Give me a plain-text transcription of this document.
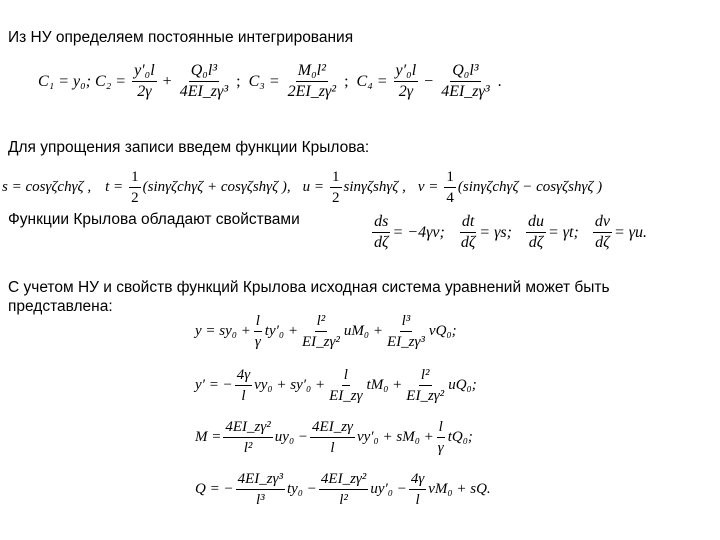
Из НУ определяем постоянные интегрирования
Для упрощения записи введем функции Крылова:
Функции Крылова обладают свойствами
С учетом НУ и свойств функций Крылова исходная система уравнений может быть
представлена:
C₁ = y₀; $C_2 = \frac{\text{y′₀l}}{2\gamma} + \frac{\text{Q₀l³}}{\text{4EI\_zγ³}}$ ; $C_3 = \frac{\text{M₀l²}}{\text{2EI\_zγ²}}$ ; $C_4 = \frac{\text{y′₀l}}{2\gamma} - \frac{\text{Q₀l³}}{\text{4EI\_zγ³}}$ .
s = cosγζchγζ , $t = \frac{1}{2} (\sin\gamma\zeta ch\gamma\zeta + \cos\gamma\zeta sh\gamma\zeta$ ), $u = \frac{1}{2}$ sinγζshγζ , $v = \frac{1}{4} (\sin\gamma\zeta ch\gamma\zeta - \cos\gamma\zeta sh\gamma\zeta$ )
$\frac{ds}{d\zeta} = -4\gamma v$; $\frac{dt}{d\zeta} = \gamma s$; $\frac{du}{d\zeta} = \gamma t$; $\frac{dv}{d\zeta} = \gamma u$.
$y = sy_0 + \frac{l}{\gamma} ty'_0 + \frac{\text{l²}}{\text{EI\_zγ²}} uM_0 + \frac{\text{l³}}{\text{EI\_zγ³}} vQ_0$;
y′ = − $\frac{4\gamma}{l} vy_0 + sy'_0 + \frac{l}{EI\_z\gamma} tM_0 + \frac{\text{l²}}{\text{EI\_zγ²}} uQ_0$;
$M = \frac{\text{4EI\_zγ²}}{\text{l²}} uy_0 - \frac{4EI\_z\gamma}{l} vy'_0 + sM_0 + \frac{l}{\gamma} tQ_0$;
Q = − $\frac{\text{4EI\_zγ³}}{\text{l³}} ty_0 - \frac{\text{4EI\_zγ²}}{\text{l²}} uy'_0 - \frac{4\gamma}{l} vM_0$ + sQ.
